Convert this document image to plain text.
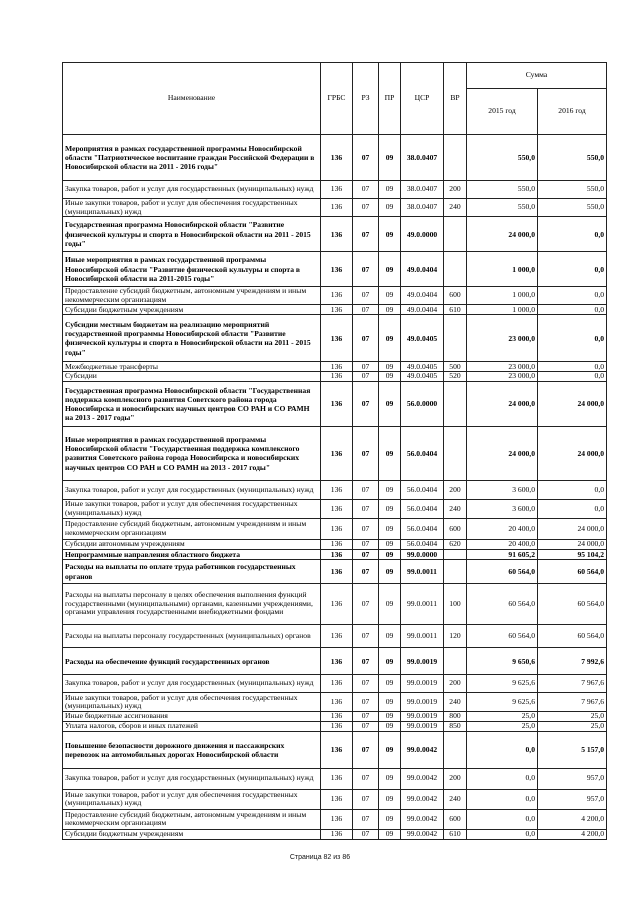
Наименование	ГРБС	РЗ	ПР	ЦСР	ВР	Сумма	
						2015 год	2016 год
Мероприятия в рамках государственной программы Новосибирской области "Патриотическое воспитание граждан Российской Федерации в Новосибирской области на 2011 - 2016 годы"	136	07	09	38.0.0407		550,0	550,0
Закупка товаров, работ и услуг для государственных (муниципальных) нужд	136	07	09	38.0.0407	200	550,0	550,0
Иные закупки товаров, работ и услуг для обеспечения государственных (муниципальных) нужд	136	07	09	38.0.0407	240	550,0	550,0
Государственная программа Новосибирской области "Развитие физической культуры и спорта в Новосибирской области на 2011 - 2015 годы"	136	07	09	49.0.0000		24 000,0	0,0
Иные мероприятия в рамках государственной программы Новосибирской области "Развитие физической культуры и спорта в Новосибирской области на 2011-2015 годы"	136	07	09	49.0.0404		1 000,0	0,0
Предоставление субсидий бюджетным, автономным учреждениям и иным некоммерческим организациям	136	07	09	49.0.0404	600	1 000,0	0,0
Субсидии бюджетным учреждениям	136	07	09	49.0.0404	610	1 000,0	0,0
Субсидии местным бюджетам на реализацию мероприятий государственной программы Новосибирской области "Развитие физической культуры и спорта в Новосибирской области на 2011 - 2015 годы"	136	07	09	49.0.0405		23 000,0	0,0
Межбюджетные трансферты	136	07	09	49.0.0405	500	23 000,0	0,0
Субсидии	136	07	09	49.0.0405	520	23 000,0	0,0
Государственная программа Новосибирской области "Государственная поддержка комплексного развития Советского района города Новосибирска и новосибирских научных центров СО РАН и СО РАМН на 2013 - 2017 годы"	136	07	09	56.0.0000		24 000,0	24 000,0
Иные мероприятия в рамках государственной программы Новосибирской области "Государственная поддержка комплексного развития Советского района города Новосибирска и новосибирских научных центров СО РАН и СО РАМН на 2013 - 2017 годы"	136	07	09	56.0.0404		24 000,0	24 000,0
Закупка товаров, работ и услуг для государственных (муниципальных) нужд	136	07	09	56.0.0404	200	3 600,0	0,0
Иные закупки товаров, работ и услуг для обеспечения государственных (муниципальных) нужд	136	07	09	56.0.0404	240	3 600,0	0,0
Предоставление субсидий бюджетным, автономным учреждениям и иным некоммерческим организациям	136	07	09	56.0.0404	600	20 400,0	24 000,0
Субсидии автономным учреждениям	136	07	09	56.0.0404	620	20 400,0	24 000,0
Непрограммные направления областного бюджета	136	07	09	99.0.0000		91 605,2	95 104,2
Расходы на выплаты по оплате труда работников государственных органов	136	07	09	99.0.0011		60 564,0	60 564,0
Расходы на выплаты персоналу в целях обеспечения выполнения функций государственными (муниципальными) органами, казенными учреждениями, органами управления государственными внебюджетными фондами	136	07	09	99.0.0011	100	60 564,0	60 564,0
Расходы на выплаты персоналу государственных (муниципальных) органов	136	07	09	99.0.0011	120	60 564,0	60 564,0
Расходы на обеспечение функций государственных органов	136	07	09	99.0.0019		9 650,6	7 992,6
Закупка товаров, работ и услуг для государственных (муниципальных) нужд	136	07	09	99.0.0019	200	9 625,6	7 967,6
Иные закупки товаров, работ и услуг для обеспечения государственных (муниципальных) нужд	136	07	09	99.0.0019	240	9 625,6	7 967,6
Иные бюджетные ассигнования	136	07	09	99.0.0019	800	25,0	25,0
Уплата налогов, сборов и иных платежей	136	07	09	99.0.0019	850	25,0	25,0
Повышение безопасности дорожного движения и пассажирских перевозок на автомобильных дорогах Новосибирской области	136	07	09	99.0.0042		0,0	5 157,0
Закупка товаров, работ и услуг для государственных (муниципальных) нужд	136	07	09	99.0.0042	200	0,0	957,0
Иные закупки товаров, работ и услуг для обеспечения государственных (муниципальных) нужд	136	07	09	99.0.0042	240	0,0	957,0
Предоставление субсидий бюджетным, автономным учреждениям и иным некоммерческим организациям	136	07	09	99.0.0042	600	0,0	4 200,0
Субсидии бюджетным учреждениям	136	07	09	99.0.0042	610	0,0	4 200,0
Страница 82 из 86
